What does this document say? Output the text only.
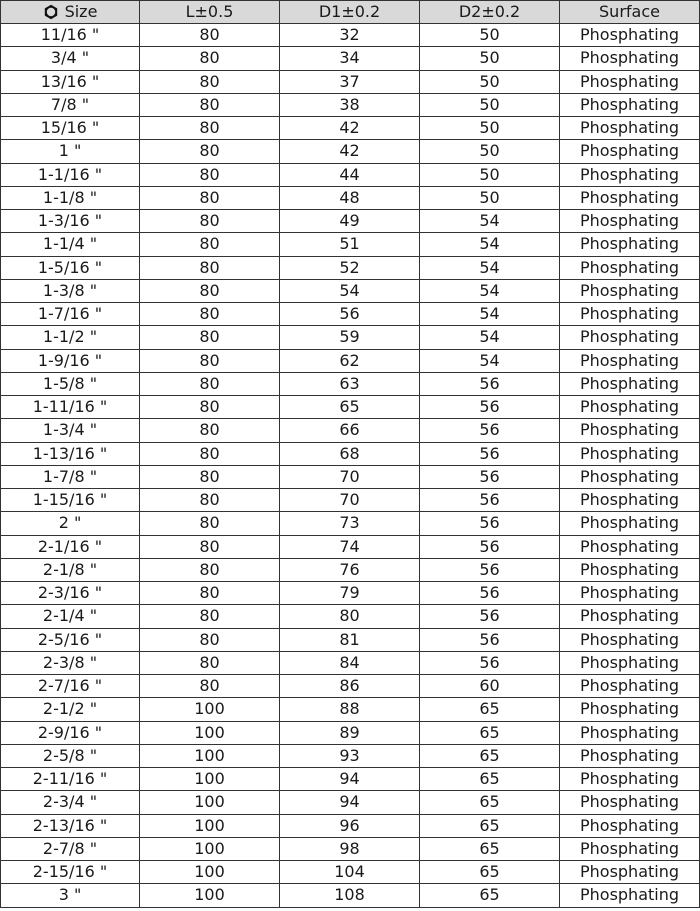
Size	L±0.5	D1±0.2	D2±0.2	Surface
11/16 "	80	32	50	Phosphating
3/4 "	80	34	50	Phosphating
13/16 "	80	37	50	Phosphating
7/8 "	80	38	50	Phosphating
15/16 "	80	42	50	Phosphating
1 "	80	42	50	Phosphating
1-1/16 "	80	44	50	Phosphating
1-1/8 "	80	48	50	Phosphating
1-3/16 "	80	49	54	Phosphating
1-1/4 "	80	51	54	Phosphating
1-5/16 "	80	52	54	Phosphating
1-3/8 "	80	54	54	Phosphating
1-7/16 "	80	56	54	Phosphating
1-1/2 "	80	59	54	Phosphating
1-9/16 "	80	62	54	Phosphating
1-5/8 "	80	63	56	Phosphating
1-11/16 "	80	65	56	Phosphating
1-3/4 "	80	66	56	Phosphating
1-13/16 "	80	68	56	Phosphating
1-7/8 "	80	70	56	Phosphating
1-15/16 "	80	70	56	Phosphating
2 "	80	73	56	Phosphating
2-1/16 "	80	74	56	Phosphating
2-1/8 "	80	76	56	Phosphating
2-3/16 "	80	79	56	Phosphating
2-1/4 "	80	80	56	Phosphating
2-5/16 "	80	81	56	Phosphating
2-3/8 "	80	84	56	Phosphating
2-7/16 "	80	86	60	Phosphating
2-1/2 "	100	88	65	Phosphating
2-9/16 "	100	89	65	Phosphating
2-5/8 "	100	93	65	Phosphating
2-11/16 "	100	94	65	Phosphating
2-3/4 "	100	94	65	Phosphating
2-13/16 "	100	96	65	Phosphating
2-7/8 "	100	98	65	Phosphating
2-15/16 "	100	104	65	Phosphating
3 "	100	108	65	Phosphating
